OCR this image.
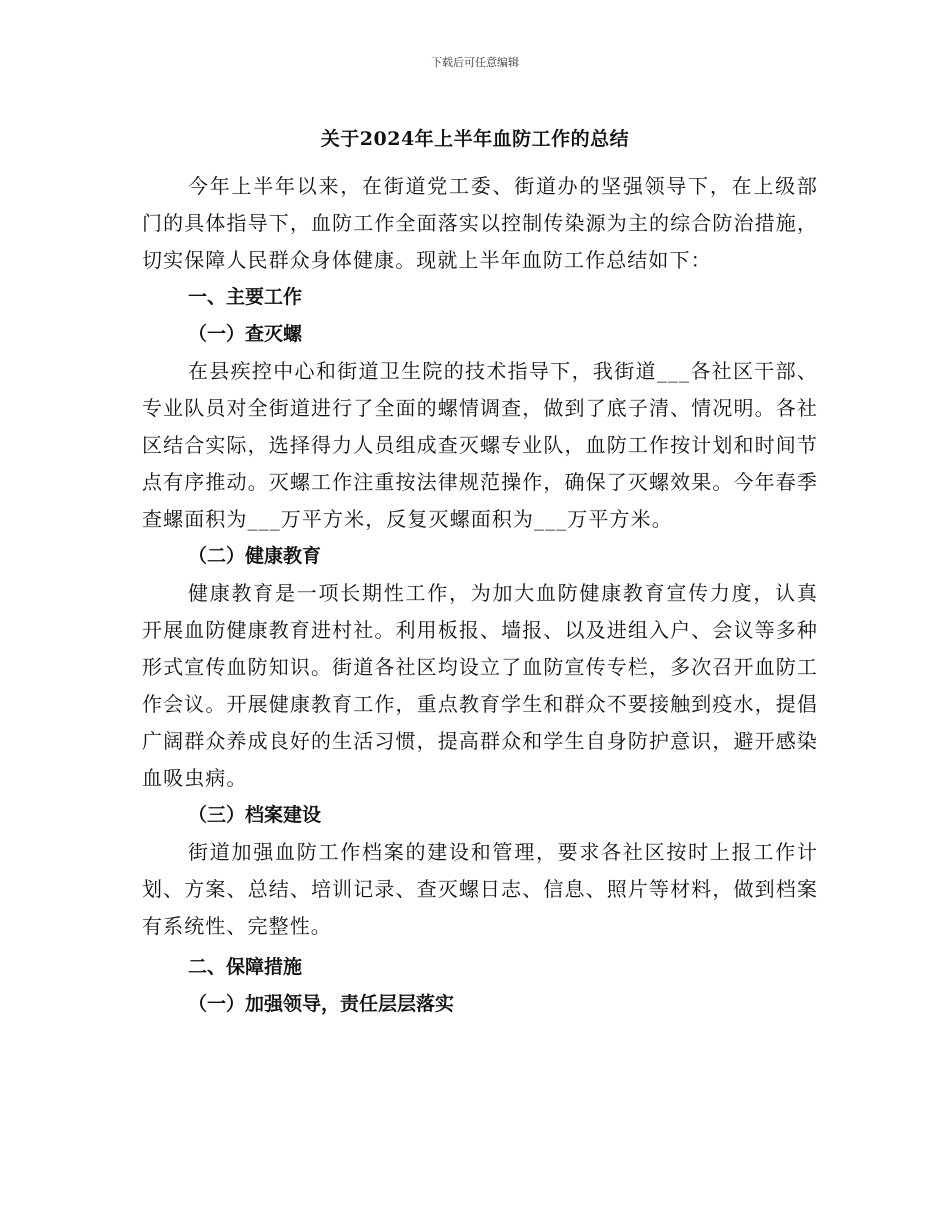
下载后可任意编辑
关于2024年上半年血防工作的总结

今年上半年以来，在街道党工委、街道办的坚强领导下，在上级部门的具体指导下，血防工作全面落实以控制传染源为主的综合防治措施，切实保障人民群众身体健康。现就上半年血防工作总结如下：

一、主要工作

（一）查灭螺

在县疾控中心和街道卫生院的技术指导下，我街道___各社区干部、专业队员对全街道进行了全面的螺情调查，做到了底子清、情况明。各社区结合实际，选择得力人员组成查灭螺专业队，血防工作按计划和时间节点有序推动。灭螺工作注重按法律规范操作，确保了灭螺效果。今年春季查螺面积为___万平方米，反复灭螺面积为___万平方米。

（二）健康教育

健康教育是一项长期性工作，为加大血防健康教育宣传力度，认真开展血防健康教育进村社。利用板报、墙报、以及进组入户、会议等多种形式宣传血防知识。街道各社区均设立了血防宣传专栏，多次召开血防工作会议。开展健康教育工作，重点教育学生和群众不要接触到疫水，提倡广阔群众养成良好的生活习惯，提高群众和学生自身防护意识，避开感染血吸虫病。

（三）档案建设

街道加强血防工作档案的建设和管理，要求各社区按时上报工作计划、方案、总结、培训记录、查灭螺日志、信息、照片等材料，做到档案有系统性、完整性。

二、保障措施

（一）加强领导，责任层层落实
